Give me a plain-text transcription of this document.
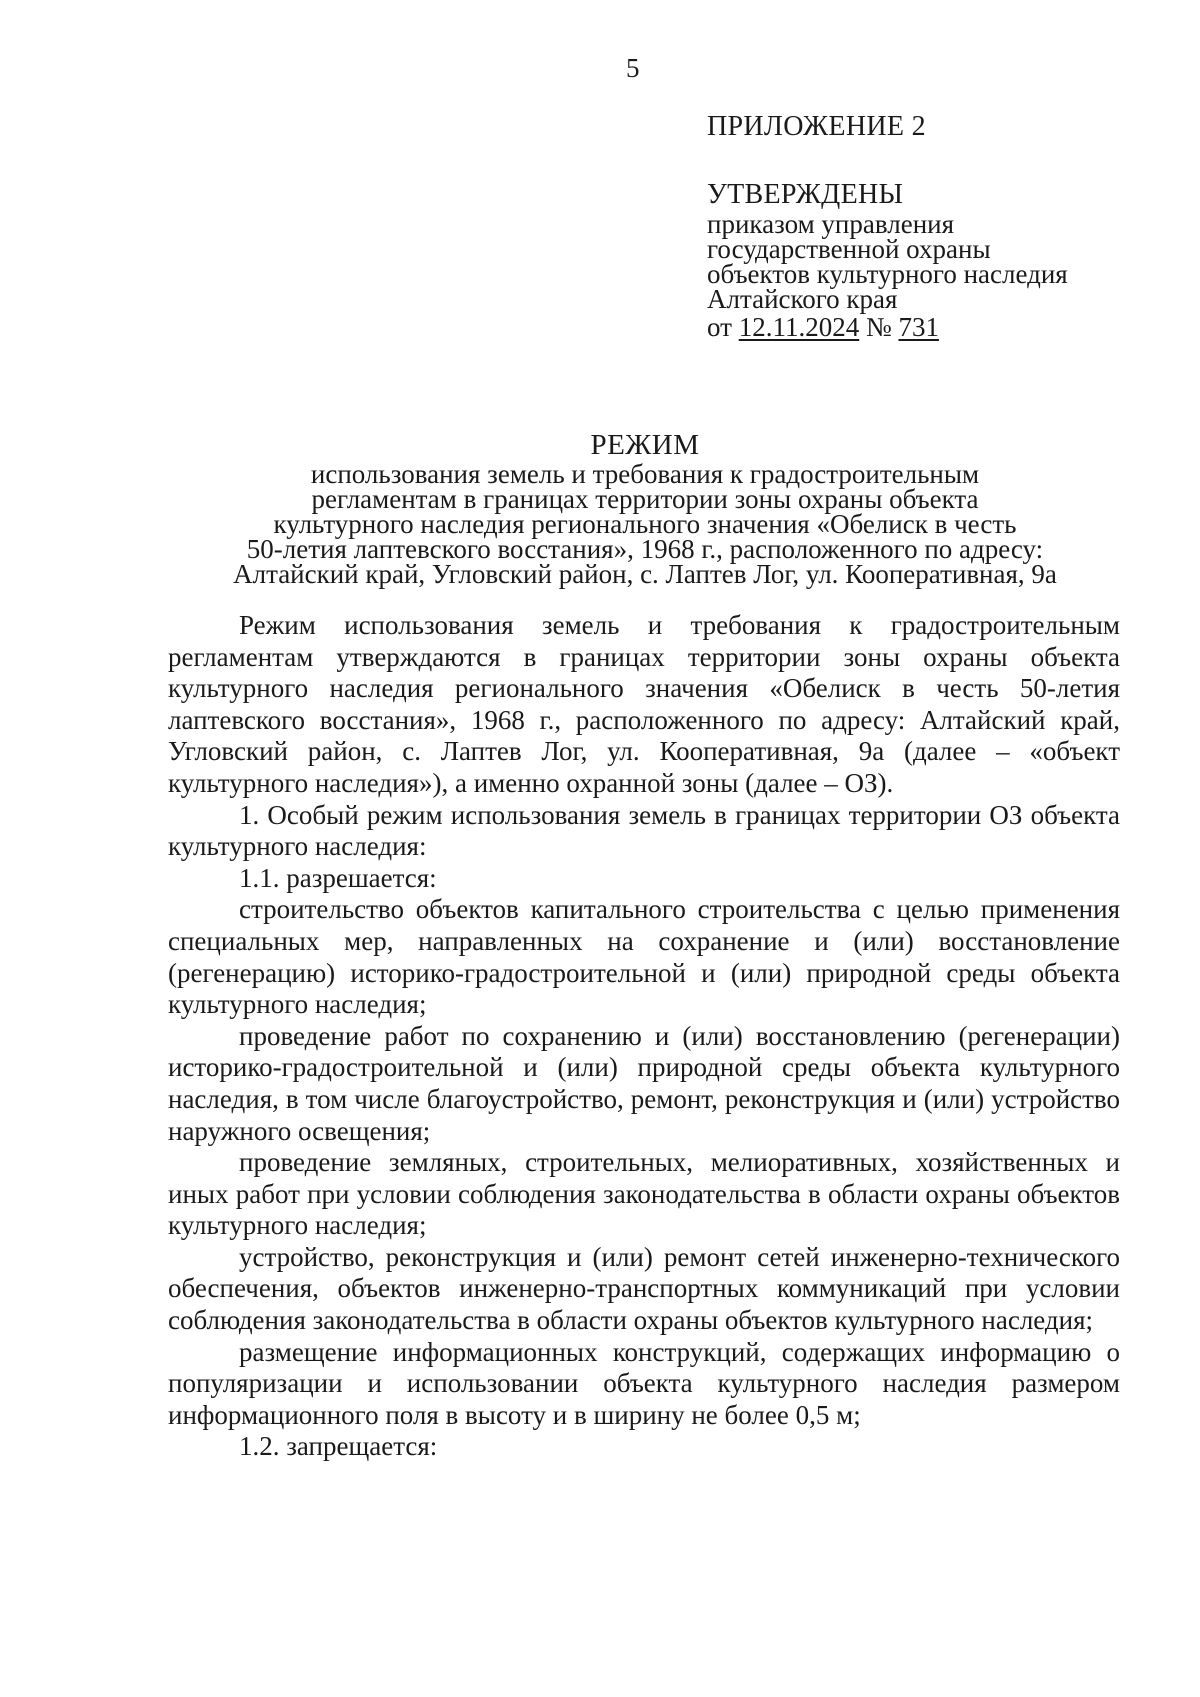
5

ПРИЛОЖЕНИЕ 2

УТВЕРЖДЕНЫ

приказом управления

государственной охраны

объектов культурного наследия

Алтайского края

от 12.11.2024 № 731

РЕЖИМ

использования земель и требования к градостроительным

регламентам в границах территории зоны охраны объекта

культурного наследия регионального значения «Обелиск в честь

50-летия лаптевского восстания», 1968 г., расположенного по адресу:

Алтайский край, Угловский район, с. Лаптев Лог, ул. Кооперативная, 9а

Режим использования земель и требования к градостроительным регламентам утверждаются в границах территории зоны охраны объекта культурного наследия регионального значения «Обелиск в честь 50-летия лаптевского восстания», 1968 г., расположенного по адресу: Алтайский край, Угловский район, с. Лаптев Лог, ул. Кооперативная, 9а (далее – «объект культурного наследия»), а именно охранной зоны (далее – ОЗ).

1. Особый режим использования земель в границах территории ОЗ объекта культурного наследия:

1.1. разрешается:

строительство объектов капитального строительства с целью применения специальных мер, направленных на сохранение и (или) восстановление (регенерацию) историко-градостроительной и (или) природной среды объекта культурного наследия;

проведение работ по сохранению и (или) восстановлению (регенерации) историко-градостроительной и (или) природной среды объекта культурного наследия, в том числе благоустройство, ремонт, реконструкция и (или) устройство наружного освещения;

проведение земляных, строительных, мелиоративных, хозяйственных и иных работ при условии соблюдения законодательства в области охраны объектов культурного наследия;

устройство, реконструкция и (или) ремонт сетей инженерно-технического обеспечения, объектов инженерно-транспортных коммуникаций при условии соблюдения законодательства в области охраны объектов культурного наследия;

размещение информационных конструкций, содержащих информацию о популяризации и использовании объекта культурного наследия размером информационного поля в высоту и в ширину не более 0,5 м;

1.2. запрещается:
